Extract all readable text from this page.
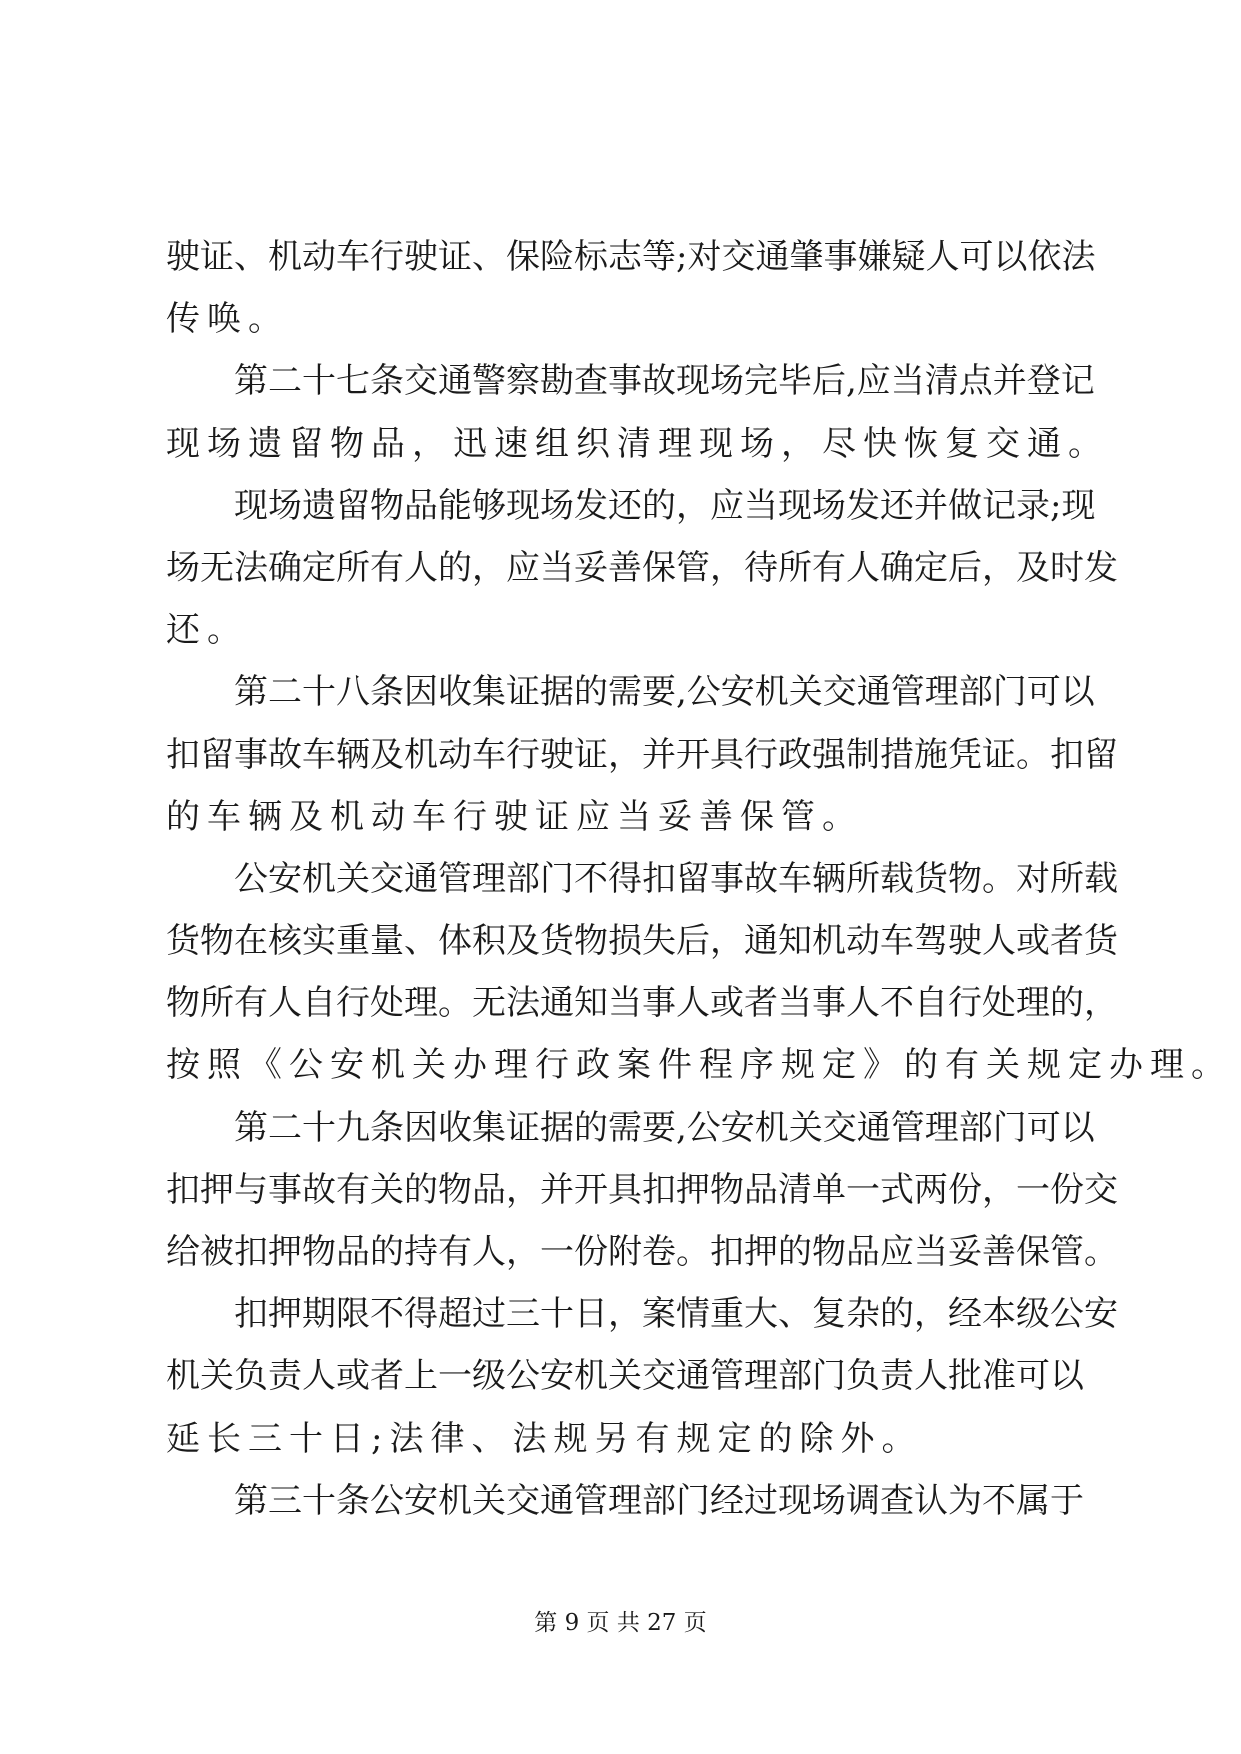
驶证、机动车行驶证、保险标志等;对交通肇事嫌疑人可以依法
传唤。
第二十七条交通警察勘查事故现场完毕后,应当清点并登记
现场遗留物品，迅速组织清理现场，尽快恢复交通。
现场遗留物品能够现场发还的，应当现场发还并做记录;现
场无法确定所有人的，应当妥善保管，待所有人确定后，及时发
还。
第二十八条因收集证据的需要,公安机关交通管理部门可以
扣留事故车辆及机动车行驶证，并开具行政强制措施凭证。扣留
的车辆及机动车行驶证应当妥善保管。
公安机关交通管理部门不得扣留事故车辆所载货物。对所载
货物在核实重量、体积及货物损失后，通知机动车驾驶人或者货
物所有人自行处理。无法通知当事人或者当事人不自行处理的，
按照《公安机关办理行政案件程序规定》的有关规定办理。
第二十九条因收集证据的需要,公安机关交通管理部门可以
扣押与事故有关的物品，并开具扣押物品清单一式两份，一份交
给被扣押物品的持有人，一份附卷。扣押的物品应当妥善保管。
扣押期限不得超过三十日，案情重大、复杂的，经本级公安
机关负责人或者上一级公安机关交通管理部门负责人批准可以
延长三十日;法律、法规另有规定的除外。
第三十条公安机关交通管理部门经过现场调查认为不属于
第 9 页 共 27 页
